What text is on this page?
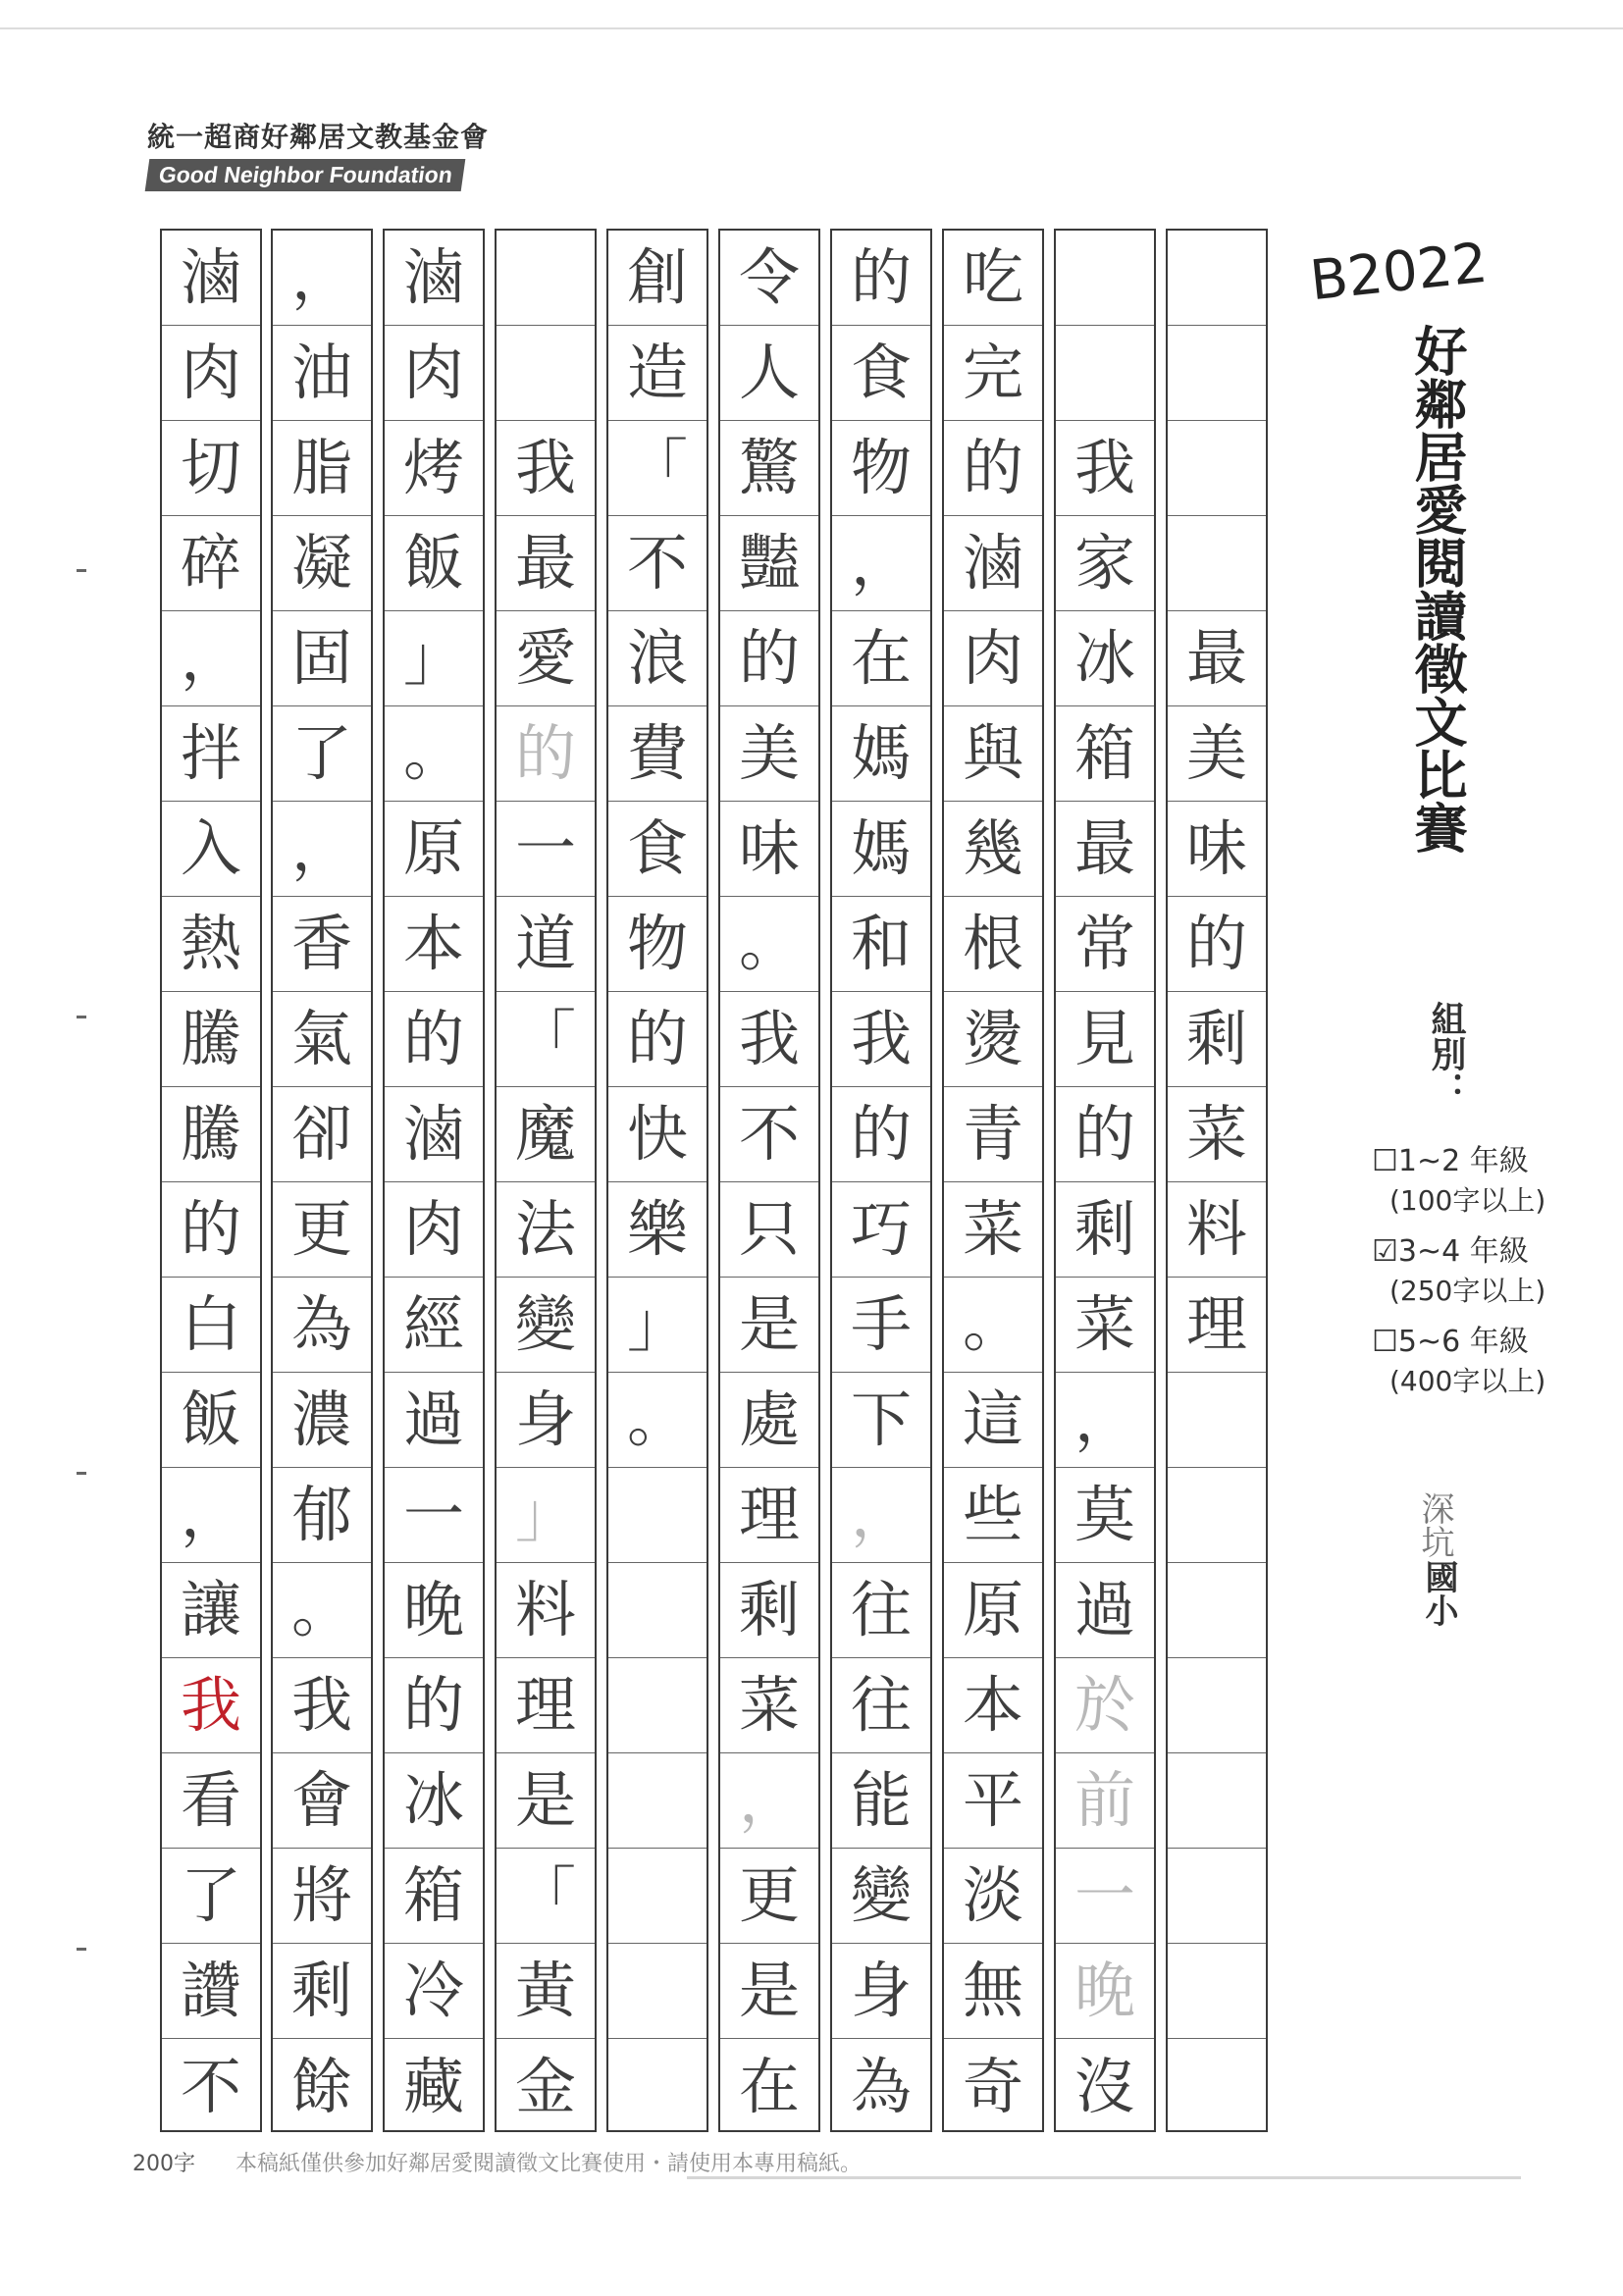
統一超商好鄰居文教基金會
Good Neighbor Foundation
最
美
味
的
剩
菜
料
理
我
家
冰
箱
最
常
見
的
剩
菜
，
莫
過
於
前
一
晚
沒
吃
完
的
滷
肉
與
幾
根
燙
青
菜
。
這
些
原
本
平
淡
無
奇
的
食
物
，
在
媽
媽
和
我
的
巧
手
下
，
往
往
能
變
身
為
令
人
驚
豔
的
美
味
。
我
不
只
是
處
理
剩
菜
，
更
是
在
創
造
「
不
浪
費
食
物
的
快
樂
」
。
我
最
愛
的
一
道
「
魔
法
變
身
」
料
理
是
「
黃
金
滷
肉
烤
飯
」
。
原
本
的
滷
肉
經
過
一
晚
的
冰
箱
冷
藏
，
油
脂
凝
固
了
，
香
氣
卻
更
為
濃
郁
。
我
會
將
剩
餘
滷
肉
切
碎
，
拌
入
熱
騰
騰
的
白
飯
，
讓
我
看
了
讚
不
B2022
好鄰居愛閱讀徵文比賽
組別：
☐1~2 年級
(100字以上)
☑3~4 年級
(250字以上)
☐5~6 年級
(400字以上)
深坑
國小
200字 本稿紙僅供參加好鄰居愛閱讀徵文比賽使用・請使用本專用稿紙。
